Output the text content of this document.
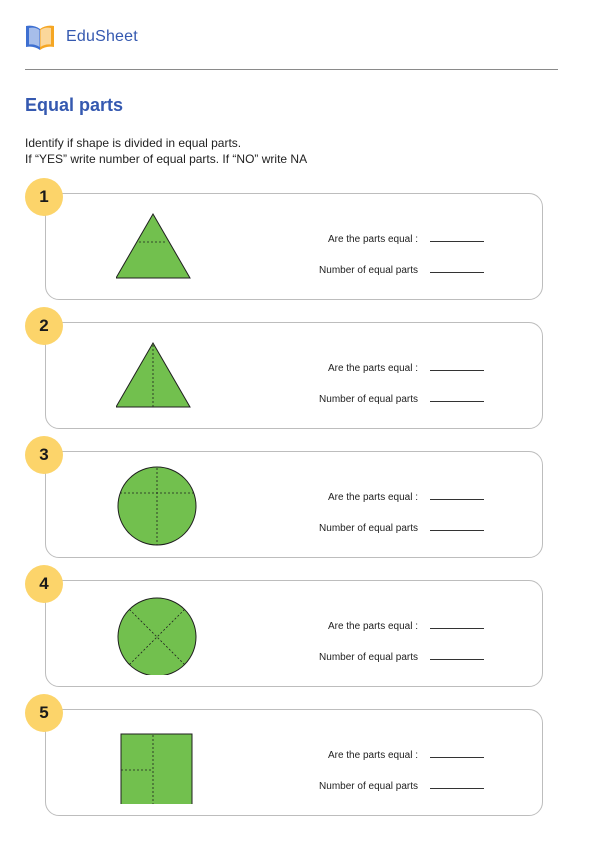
EduSheet
Equal parts
Identify if shape is divided in equal parts.
If “YES” write number of equal parts. If “NO” write NA
Are the parts equal :
Number of equal parts
1
Are the parts equal :
Number of equal parts
2
Are the parts equal :
Number of equal parts
3
Are the parts equal :
Number of equal parts
4
Are the parts equal :
Number of equal parts
5
